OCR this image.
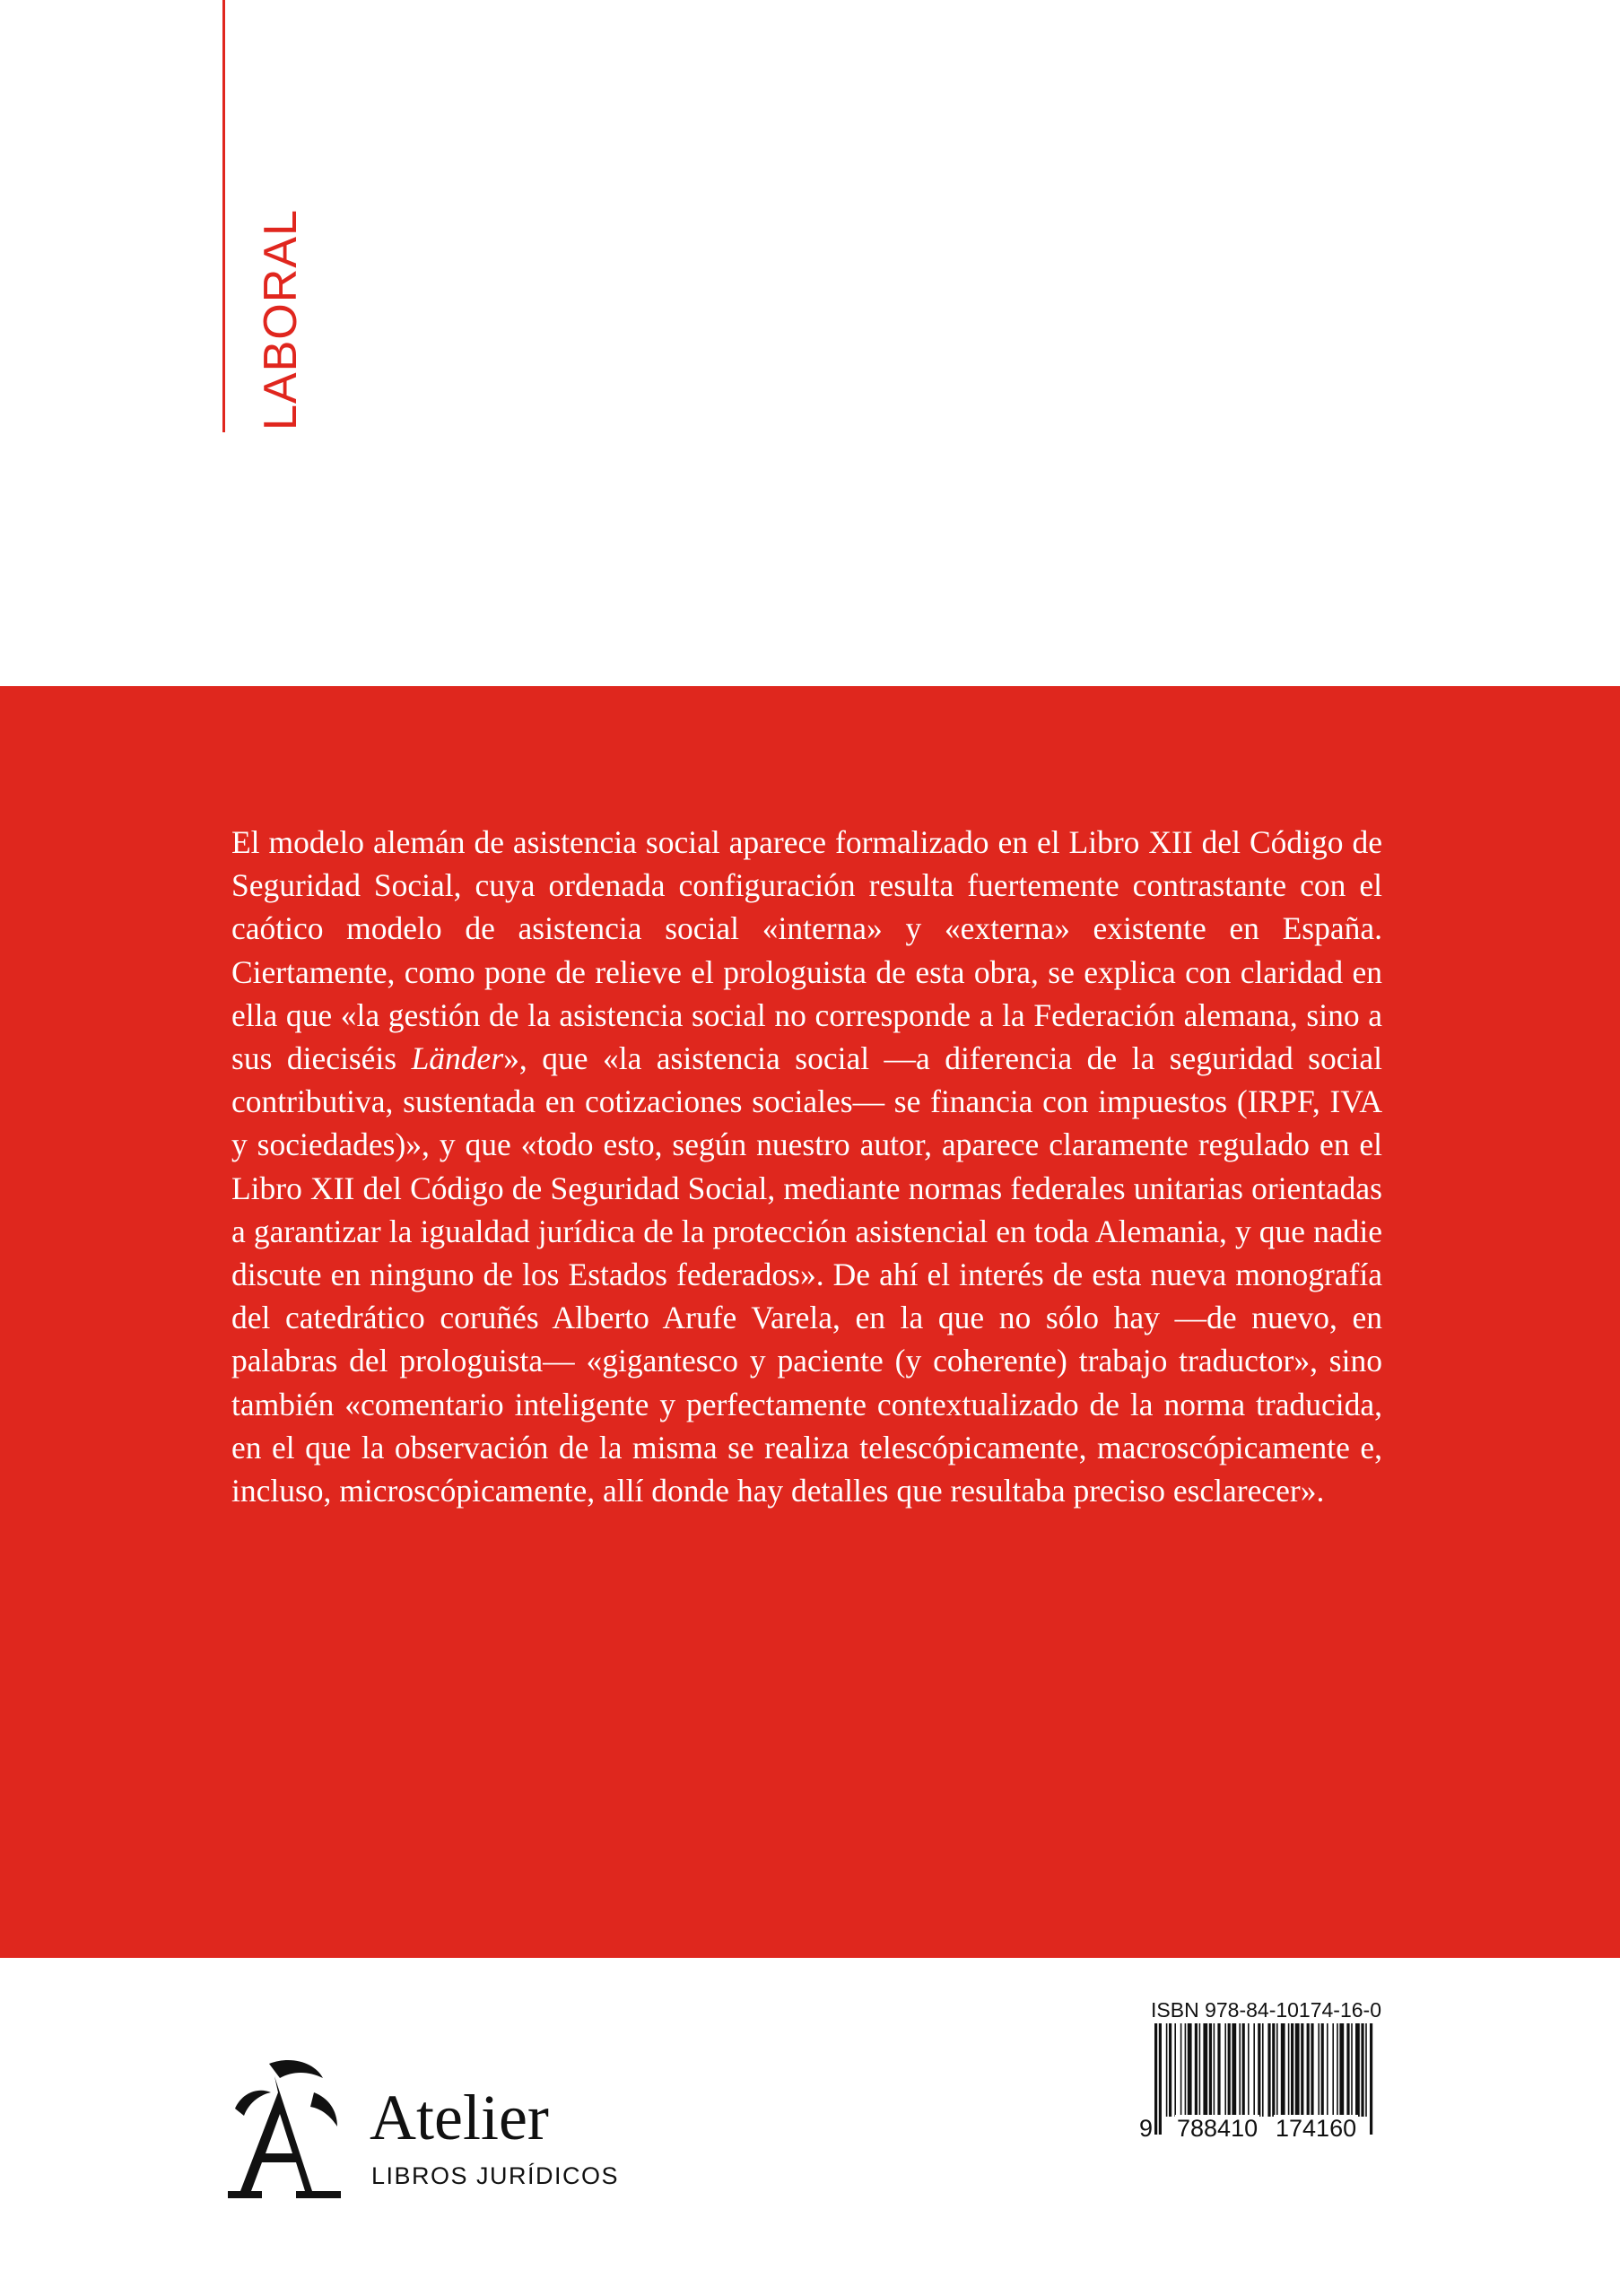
LABORAL

El modelo alemán de asistencia social aparece formalizado en el Libro XII del Código de Seguridad Social, cuya ordenada configuración resulta fuertemente contrastante con el caótico modelo de asistencia social «interna» y «externa» existente en España. Ciertamente, como pone de relieve el prologuista de esta obra, se explica con claridad en ella que «la gestión de la asistencia social no corresponde a la Federación alemana, sino a sus dieciséis Länder», que «la asistencia social —a diferencia de la seguridad social contributiva, sustentada en cotizaciones sociales— se financia con impuestos (IRPF, IVA y sociedades)», y que «todo esto, según nuestro autor, aparece claramente regulado en el Libro XII del Código de Seguridad Social, mediante normas federales unitarias orientadas a garantizar la igualdad jurídica de la protección asistencial en toda Alemania, y que nadie discute en ninguno de los Estados federados». De ahí el interés de esta nueva monografía del catedrático coruñés Alberto Arufe Varela, en la que no sólo hay —de nuevo, en palabras del prologuista— «gigantesco y paciente (y coherente) trabajo traductor», sino también «comentario inteligente y perfectamente contextualizado de la norma traducida, en el que la observación de la misma se realiza telescópicamente, macroscópicamente e, incluso, microscópicamente, allí donde hay detalles que resultaba preciso esclarecer».

Atelier
LIBROS JURÍDICOS
ISBN 978-84-10174-16-0
9 788410 174160
